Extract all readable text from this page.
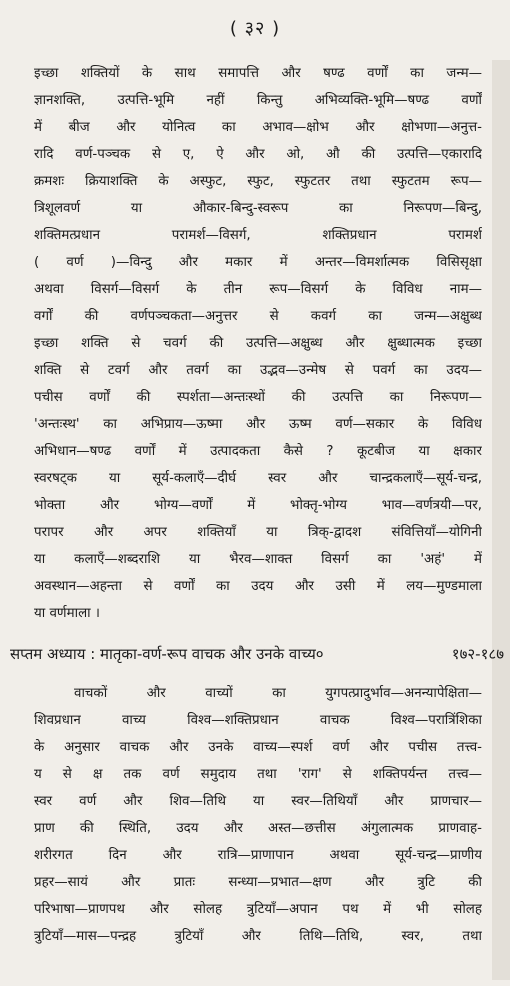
( ३२ )
इच्छा शक्तियों के साथ समापत्ति और षण्ढ वर्णों का जन्म—
ज्ञानशक्ति, उत्पत्ति-भूमि नहीं किन्तु अभिव्यक्ति-भूमि—षण्ढ वर्णों
में बीज और योनित्व का अभाव—क्षोभ और क्षोभणा—अनुत्त-
रादि वर्ण-पञ्चक से ए, ऐ और ओ, औ की उत्पत्ति—एकारादि
क्रमशः क्रियाशक्ति के अस्फुट, स्फुट, स्फुटतर तथा स्फुटतम रूप—
त्रिशूलवर्ण या औकार-बिन्दु-स्वरूप का निरूपण—बिन्दु,
शक्तिमत्प्रधान परामर्श—विसर्ग, शक्तिप्रधान परामर्श
( वर्ण )—विन्दु और मकार में अन्तर—विमर्शात्मक विसिसृक्षा
अथवा विसर्ग—विसर्ग के तीन रूप—विसर्ग के विविध नाम—
वर्गों की वर्णपञ्चकता—अनुत्तर से कवर्ग का जन्म—अक्षुब्ध
इच्छा शक्ति से चवर्ग की उत्पत्ति—अक्षुब्ध और क्षुब्धात्मक इच्छा
शक्ति से टवर्ग और तवर्ग का उद्भव—उन्मेष से पवर्ग का उदय—
पचीस वर्णों की स्पर्शता—अन्तःस्थों की उत्पत्ति का निरूपण—
'अन्तःस्थ' का अभिप्राय—ऊष्मा और ऊष्म वर्ण—सकार के विविध
अभिधान—षण्ढ वर्णों में उत्पादकता कैसे ? कूटबीज या क्षकार
स्वरषट्क या सूर्य-कलाएँ—दीर्घ स्वर और चान्द्रकलाएँ—सूर्य-चन्द्र,
भोक्ता और भोग्य—वर्णों में भोक्तृ-भोग्य भाव—वर्णत्रयी—पर,
परापर और अपर शक्तियाँ या त्रिक्-द्वादश संवित्तियाँ—योगिनी
या कलाएँ—शब्दराशि या भैरव—शाक्त विसर्ग का 'अहं' में
अवस्थान—अहन्ता से वर्णों का उदय और उसी में लय—मुण्डमाला
या वर्णमाला ।
सप्तम अध्याय : मातृका-वर्ण-रूप वाचक और उनके वाच्य०	१७२-१८७
वाचकों और वाच्यों का युगपत्प्रादुर्भाव—अनन्यापेक्षिता—
शिवप्रधान वाच्य विश्व—शक्तिप्रधान वाचक विश्व—परात्रिंशिका
के अनुसार वाचक और उनके वाच्य—स्पर्श वर्ण और पचीस तत्त्व-
य से क्ष तक वर्ण समुदाय तथा 'राग' से शक्तिपर्यन्त तत्त्व—
स्वर वर्ण और शिव—तिथि या स्वर—तिथियाँ और प्राणचार—
प्राण की स्थिति, उदय और अस्त—छत्तीस अंगुलात्मक प्राणवाह-
शरीरगत दिन और रात्रि—प्राणापान अथवा सूर्य-चन्द्र—प्राणीय
प्रहर—सायं और प्रातः सन्ध्या—प्रभात—क्षण और त्रुटि की
परिभाषा—प्राणपथ और सोलह त्रुटियाँ—अपान पथ में भी सोलह
त्रुटियाँ—मास—पन्द्रह त्रुटियाँ और तिथि—तिथि, स्वर, तथा
